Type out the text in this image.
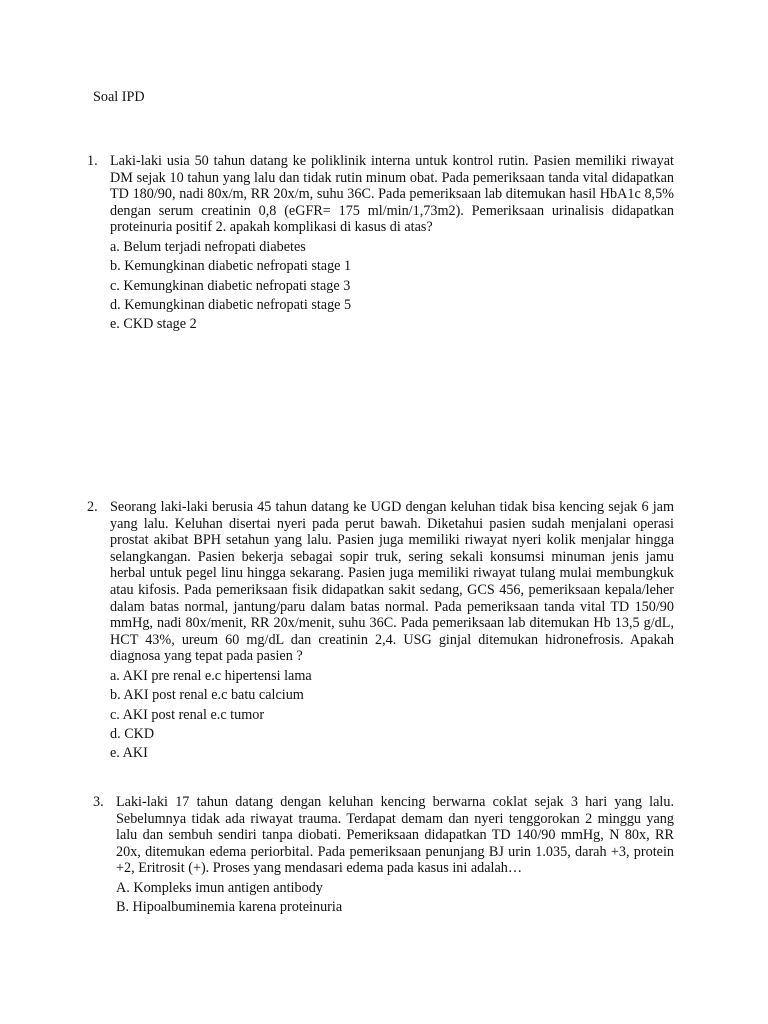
Soal IPD
1. Laki-laki usia 50 tahun datang ke poliklinik interna untuk kontrol rutin. Pasien memiliki riwayat DM sejak 10 tahun yang lalu dan tidak rutin minum obat. Pada pemeriksaan tanda vital didapatkan TD 180/90, nadi 80x/m, RR 20x/m, suhu 36C. Pada pemeriksaan lab ditemukan hasil HbA1c 8,5% dengan serum creatinin 0,8 (eGFR= 175 ml/min/1,73m2). Pemeriksaan urinalisis didapatkan proteinuria positif 2. apakah komplikasi di kasus di atas?

a. Belum terjadi nefropati diabetes
b. Kemungkinan diabetic nefropati stage 1
c. Kemungkinan diabetic nefropati stage 3
d. Kemungkinan diabetic nefropati stage 5
e. CKD stage 2
2. Seorang laki-laki berusia 45 tahun datang ke UGD dengan keluhan tidak bisa kencing sejak 6 jam yang lalu. Keluhan disertai nyeri pada perut bawah. Diketahui pasien sudah menjalani operasi prostat akibat BPH setahun yang lalu. Pasien juga memiliki riwayat nyeri kolik menjalar hingga selangkangan. Pasien bekerja sebagai sopir truk, sering sekali konsumsi minuman jenis jamu herbal untuk pegel linu hingga sekarang. Pasien juga memiliki riwayat tulang mulai membungkuk atau kifosis. Pada pemeriksaan fisik didapatkan sakit sedang, GCS 456, pemeriksaan kepala/leher dalam batas normal, jantung/paru dalam batas normal. Pada pemeriksaan tanda vital TD 150/90 mmHg, nadi 80x/menit, RR 20x/menit, suhu 36C. Pada pemeriksaan lab ditemukan Hb 13,5 g/dL, HCT 43%, ureum 60 mg/dL dan creatinin 2,4. USG ginjal ditemukan hidronefrosis. Apakah diagnosa yang tepat pada pasien ?

a. AKI pre renal e.c hipertensi lama
b. AKI post renal e.c batu calcium
c. AKI post renal e.c tumor
d. CKD
e. AKI
3. Laki-laki 17 tahun datang dengan keluhan kencing berwarna coklat sejak 3 hari yang lalu. Sebelumnya tidak ada riwayat trauma. Terdapat demam dan nyeri tenggorokan 2 minggu yang lalu dan sembuh sendiri tanpa diobati. Pemeriksaan didapatkan TD 140/90 mmHg, N 80x, RR 20x, ditemukan edema periorbital. Pada pemeriksaan penunjang BJ urin 1.035, darah +3, protein +2, Eritrosit (+). Proses yang mendasari edema pada kasus ini adalah…

A. Kompleks imun antigen antibody
B. Hipoalbuminemia karena proteinuria
